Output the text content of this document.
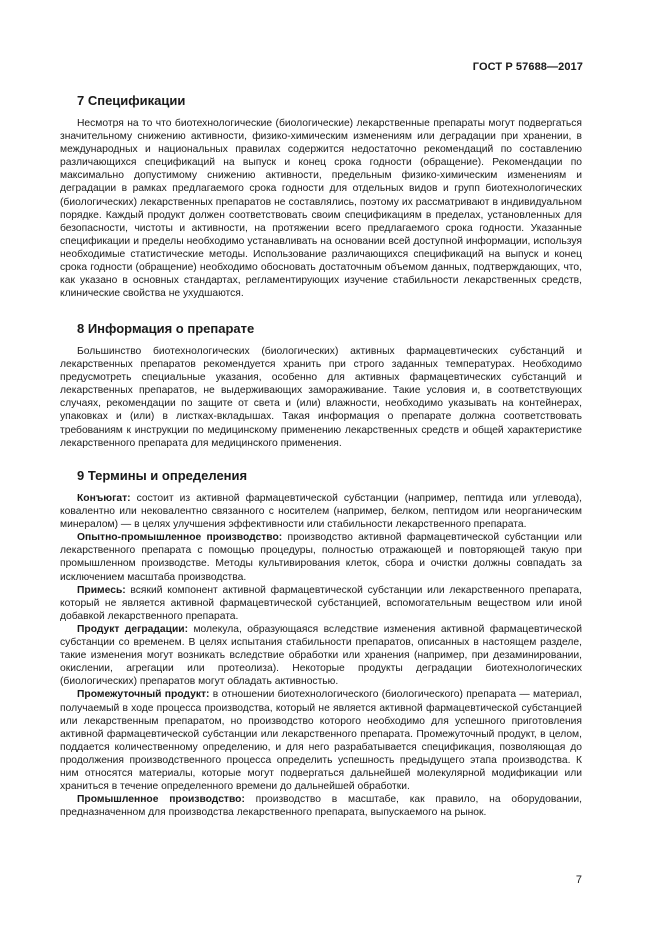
ГОСТ Р 57688—2017
7 Спецификации

Несмотря на то что биотехнологические (биологические) лекарственные препараты могут подвергаться значительному снижению активности, физико-химическим изменениям или деградации при хранении, в международных и национальных правилах содержится недостаточно рекомендаций по составлению различающихся спецификаций на выпуск и конец срока годности (обращение). Рекомендации по максимально допустимому снижению активности, предельным физико-химическим изменениям и деградации в рамках предлагаемого срока годности для отдельных видов и групп биотехнологических (биологических) лекарственных препаратов не составлялись, поэтому их рассматривают в индивидуальном порядке. Каждый продукт должен соответствовать своим спецификациям в пределах, установленных для безопасности, чистоты и активности, на протяжении всего предлагаемого срока годности. Указанные спецификации и пределы необходимо устанавливать на основании всей доступной информации, используя необходимые статистические методы. Использование различающихся спецификаций на выпуск и конец срока годности (обращение) необходимо обосновать достаточным объемом данных, подтверждающих, что, как указано в основных стандартах, регламентирующих изучение стабильности лекарственных средств, клинические свойства не ухудшаются.

8 Информация о препарате

Большинство биотехнологических (биологических) активных фармацевтических субстанций и лекарственных препаратов рекомендуется хранить при строго заданных температурах. Необходимо предусмотреть специальные указания, особенно для активных фармацевтических субстанций и лекарственных препаратов, не выдерживающих замораживание. Такие условия и, в соответствующих случаях, рекомендации по защите от света и (или) влажности, необходимо указывать на контейнерах, упаковках и (или) в листках-вкладышах. Такая информация о препарате должна соответствовать требованиям к инструкции по медицинскому применению лекарственных средств и общей характеристике лекарственного препарата для медицинского применения.

9 Термины и определения

Конъюгат: состоит из активной фармацевтической субстанции (например, пептида или углевода), ковалентно или нековалентно связанного с носителем (например, белком, пептидом или неорганическим минералом) — в целях улучшения эффективности или стабильности лекарственного препарата.

Опытно-промышленное производство: производство активной фармацевтической субстанции или лекарственного препарата с помощью процедуры, полностью отражающей и повторяющей такую при промышленном производстве. Методы культивирования клеток, сбора и очистки должны совпадать за исключением масштаба производства.

Примесь: всякий компонент активной фармацевтической субстанции или лекарственного препарата, который не является активной фармацевтической субстанцией, вспомогательным веществом или иной добавкой лекарственного препарата.

Продукт деградации: молекула, образующаяся вследствие изменения активной фармацевтической субстанции со временем. В целях испытания стабильности препаратов, описанных в настоящем разделе, такие изменения могут возникать вследствие обработки или хранения (например, при дезаминировании, окислении, агрегации или протеолиза). Некоторые продукты деградации биотехнологических (биологических) препаратов могут обладать активностью.

Промежуточный продукт: в отношении биотехнологического (биологического) препарата — материал, получаемый в ходе процесса производства, который не является активной фармацевтической субстанцией или лекарственным препаратом, но производство которого необходимо для успешного приготовления активной фармацевтической субстанции или лекарственного препарата. Промежуточный продукт, в целом, поддается количественному определению, и для него разрабатывается спецификация, позволяющая до продолжения производственного процесса определить успешность предыдущего этапа производства. К ним относятся материалы, которые могут подвергаться дальнейшей молекулярной модификации или храниться в течение определенного времени до дальнейшей обработки.

Промышленное производство: производство в масштабе, как правило, на оборудовании, предназначенном для производства лекарственного препарата, выпускаемого на рынок.

7
